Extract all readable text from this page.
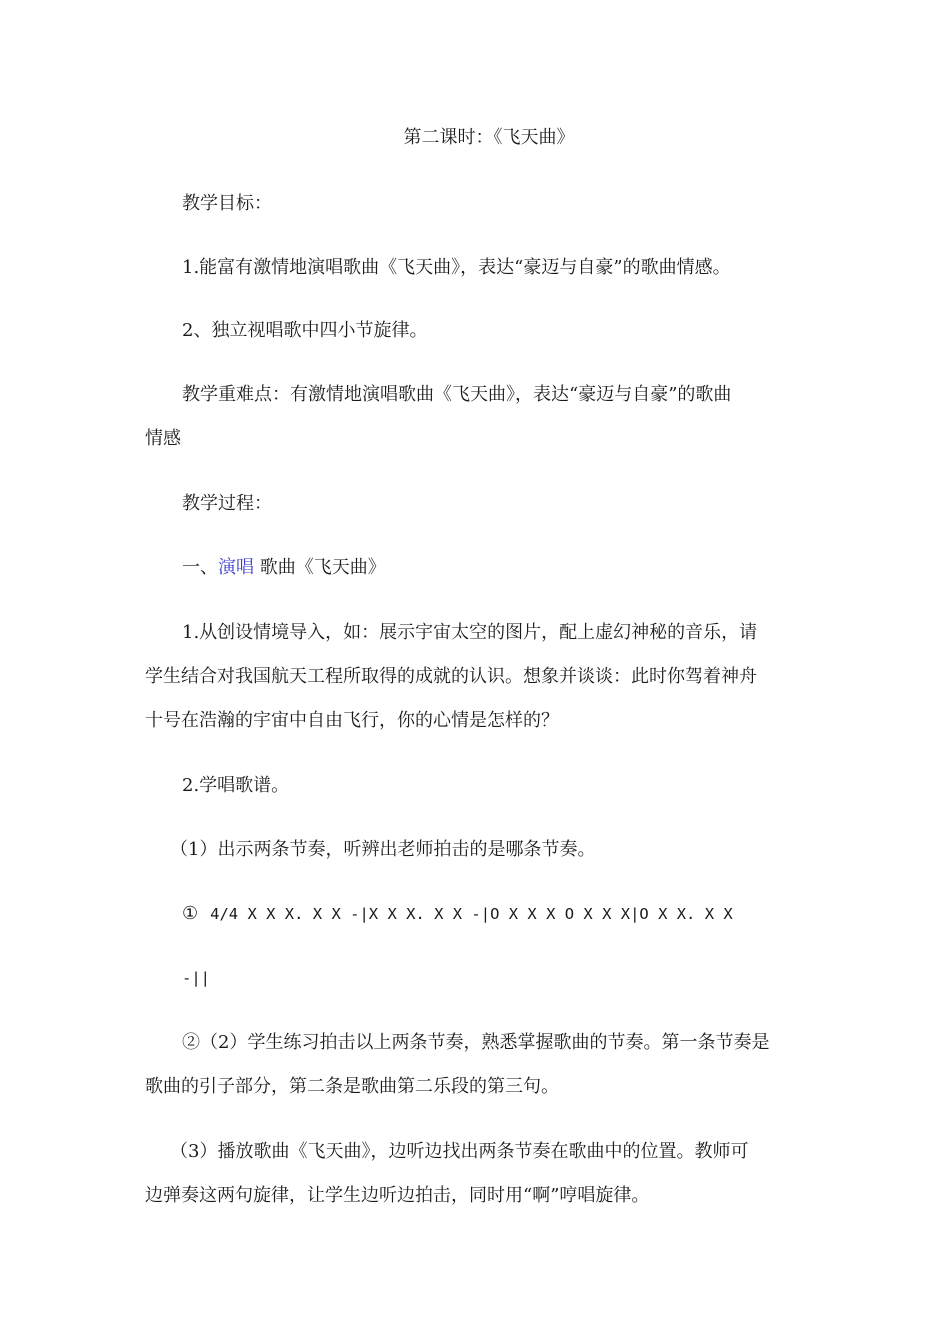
第二课时：《飞天曲》
教学目标：
1.能富有激情地演唱歌曲《飞天曲》，表达“豪迈与自豪”的歌曲情感。
2、独立视唱歌中四小节旋律。
教学重难点：有激情地演唱歌曲《飞天曲》，表达“豪迈与自豪”的歌曲
情感
教学过程：
一、演唱 歌曲《飞天曲》
1.从创设情境导入，如：展示宇宙太空的图片，配上虚幻神秘的音乐，请
学生结合对我国航天工程所取得的成就的认识。想象并谈谈：此时你驾着神舟
十号在浩瀚的宇宙中自由飞行，你的心情是怎样的？
2.学唱歌谱。
（1）出示两条节奏，听辨出老师拍击的是哪条节奏。
① 4/4 X X X. X X -|X X X. X X -|O X X X O X X X|O X X. X X
-||
②（2）学生练习拍击以上两条节奏，熟悉掌握歌曲的节奏。第一条节奏是
歌曲的引子部分，第二条是歌曲第二乐段的第三句。
（3）播放歌曲《飞天曲》，边听边找出两条节奏在歌曲中的位置。教师可
边弹奏这两句旋律，让学生边听边拍击，同时用“啊”哼唱旋律。
